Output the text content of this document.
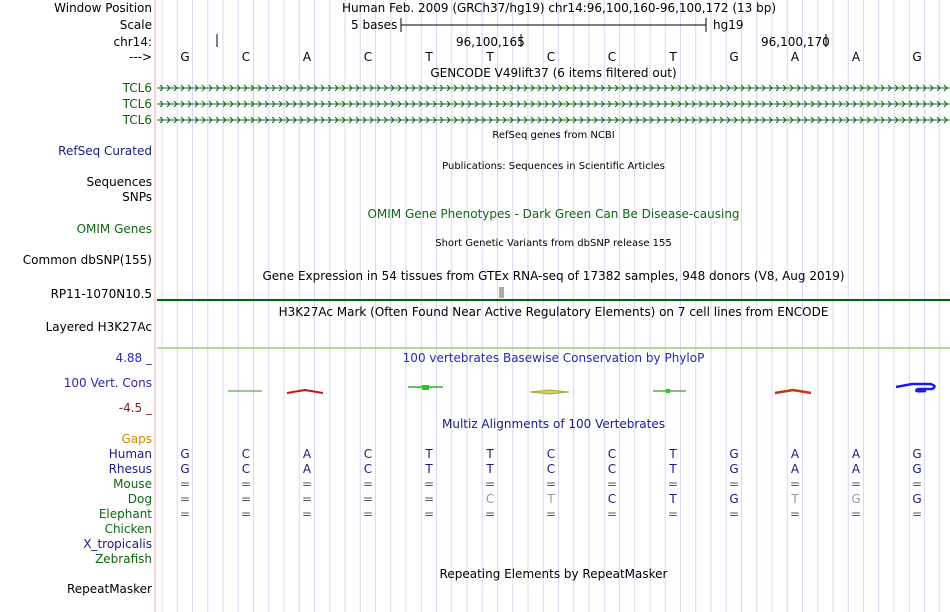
Window Position	Human Feb. 2009 (GRCh37/hg19) chr14:96,100,160-96,100,172 (13 bp)
Scale	5 bases	hg19
chr14:	96,100,165	96,100,170
--->	G	C	A	C	T	T	C	C	T	G	A	A	G
GENCODE V49lift37 (6 items filtered out)
TCL6
TCL6
TCL6
RefSeq genes from NCBI
RefSeq Curated
Publications: Sequences in Scientific Articles
Sequences
SNPs
OMIM Gene Phenotypes - Dark Green Can Be Disease-causing
OMIM Genes
Short Genetic Variants from dbSNP release 155
Common dbSNP(155)
Gene Expression in 54 tissues from GTEx RNA-seq of 17382 samples, 948 donors (V8, Aug 2019)
RP11-1070N10.5
H3K27Ac Mark (Often Found Near Active Regulatory Elements) on 7 cell lines from ENCODE
Layered H3K27Ac
100 vertebrates Basewise Conservation by PhyloP
4.88 _
100 Vert. Cons
-4.5 _
Multiz Alignments of 100 Vertebrates
Gaps
Human	G	C	A	C	T	T	C	C	T	G	A	A	G
Rhesus	G	C	A	C	T	T	C	C	T	G	A	A	G
Mouse	=	=	=	=	=	=	=	=	=	=	=	=	=
Dog	=	=	=	=	=	C	T	C	T	G	T	G	G
Elephant	=	=	=	=	=	=	=	=	=	=	=	=	=
Chicken
X_tropicalis
Zebrafish
Repeating Elements by RepeatMasker
RepeatMasker
